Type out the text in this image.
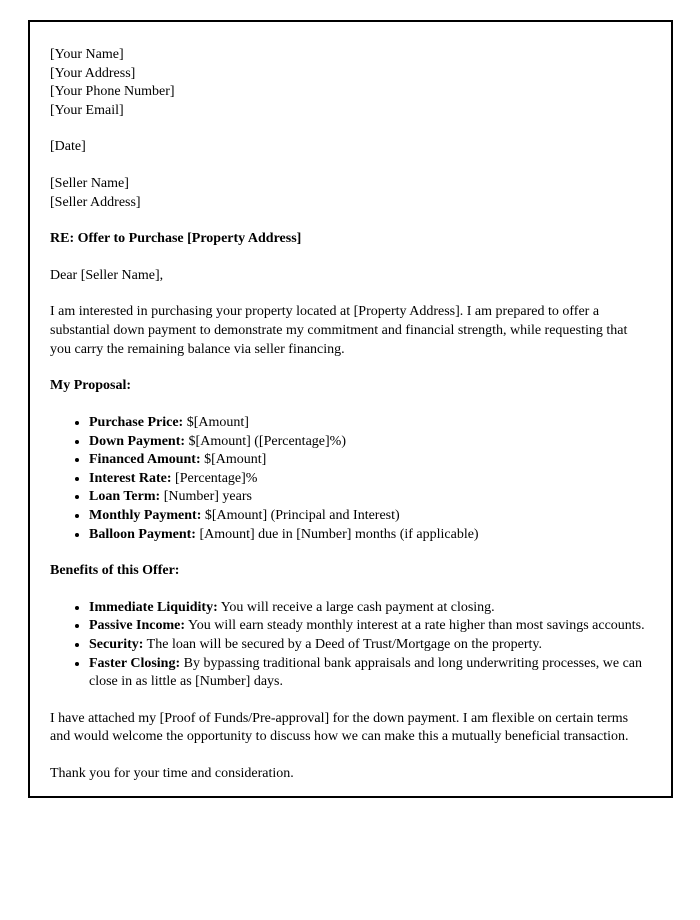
[Your Name]
[Your Address]
[Your Phone Number]
[Your Email]
[Date]
[Seller Name]
[Seller Address]
RE: Offer to Purchase [Property Address]

Dear [Seller Name],

I am interested in purchasing your property located at [Property Address]. I am prepared to offer a substantial down payment to demonstrate my commitment and financial strength, while requesting that you carry the remaining balance via seller financing.

My Proposal:

• Purchase Price: $[Amount]
• Down Payment: $[Amount] ([Percentage]%)
• Financed Amount: $[Amount]
• Interest Rate: [Percentage]%
• Loan Term: [Number] years
• Monthly Payment: $[Amount] (Principal and Interest)
• Balloon Payment: [Amount] due in [Number] months (if applicable)

Benefits of this Offer:

• Immediate Liquidity: You will receive a large cash payment at closing.
• Passive Income: You will earn steady monthly interest at a rate higher than most savings accounts.
• Security: The loan will be secured by a Deed of Trust/Mortgage on the property.
• Faster Closing: By bypassing traditional bank appraisals and long underwriting processes, we can close in as little as [Number] days.

I have attached my [Proof of Funds/Pre-approval] for the down payment. I am flexible on certain terms and would welcome the opportunity to discuss how we can make this a mutually beneficial transaction.

Thank you for your time and consideration.
